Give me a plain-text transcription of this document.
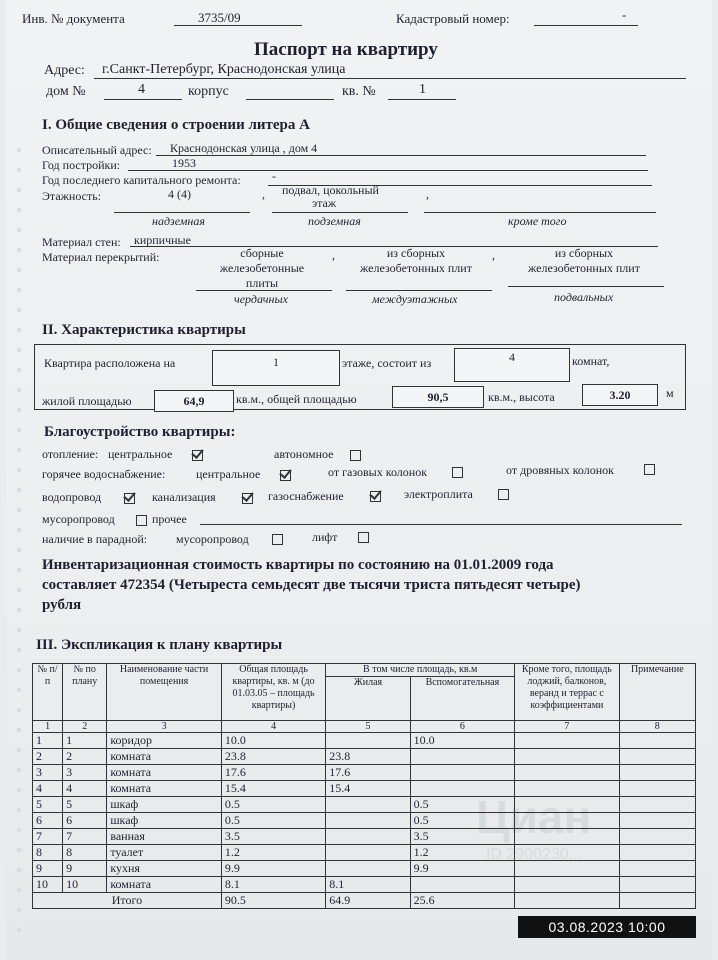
Инв. № документа	3735/09	Кадастровый номер:	-
Паспорт на квартиру
Адрес: г.Санкт-Петербург, Краснодонская улица
дом №	4	корпус	кв. №	1
I. Общие сведения о строении литера А
Описательный адрес: Краснодонская улица , дом 4
Год постройки:	1953
Год последнего капитального ремонта:	-
Этажность:	4 (4)	, подвал, цокольный
этаж
,
надземная	подземная	кроме того
Материал стен: кирпичные
Материал перекрытий:	сборные
железобетонные
плиты
,	из сборных
железобетонных плит
,	из сборных
железобетонных плит
чердачных	междуэтажных	подвальных
II. Характеристика квартиры
Квартира расположена на	1	этаже, состоит из	4	комнат,
жилой площадью	64,9	кв.м., общей площадью	90,5	кв.м., высота	3.20	м
Благоустройство квартиры:
отопление: центральное	автономное
горячее водоснабжение:	центральное	от газовых колонок	от дровяных колонок
водопровод	канализация	газоснабжение	электроплита
мусоропровод	прочее
наличие в парадной: мусоропровод	лифт
Инвентаризационная стоимость квартиры по состоянию на 01.01.2009 года
составляет 472354 (Четыреста семьдесят две тысячи триста пятьдесят четыре)
рубля
III. Экспликация к плану квартиры
Циан
ID 2900230...
№ п/п	№ по плану	Наименование части помещения	Общая площадь квартиры, кв. м (до 01.03.05 – площадь квартиры)	В том числе площадь, кв.м		Кроме того, площадь лоджий, балконов, веранд и террас с коэффициентами	Примечание
				Жилая	Вспомогательная		
1	2	3	4	5	6	7	8
1	1	коридор	10.0		10.0		
2	2	комната	23.8	23.8			
3	3	комната	17.6	17.6			
4	4	комната	15.4	15.4			
5	5	шкаф	0.5		0.5		
6	6	шкаф	0.5		0.5		
7	7	ванная	3.5		3.5		
8	8	туалет	1.2		1.2		
9	9	кухня	9.9		9.9		
10	10	комната	8.1	8.1			
Итого			90.5	64.9	25.6		
03.08.2023 10:00
